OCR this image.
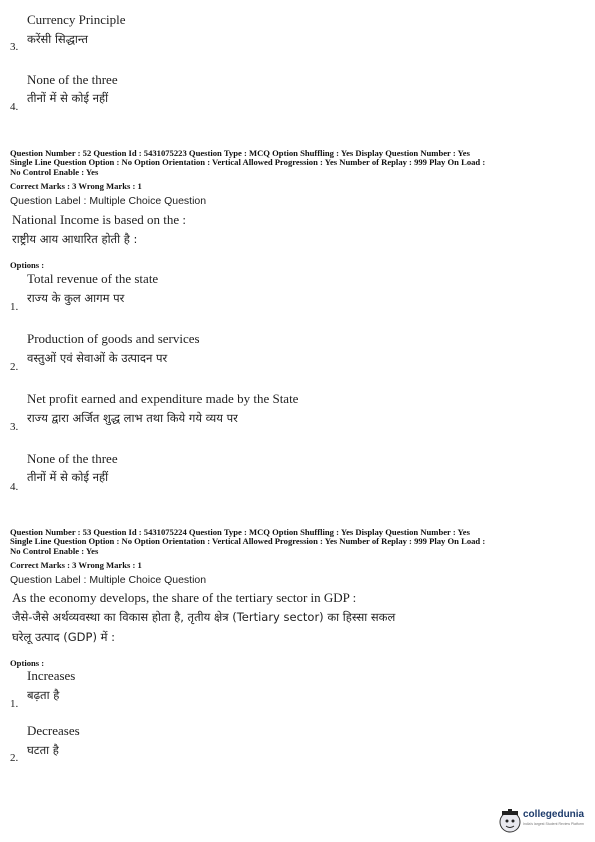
Currency Principle
3.
करेंसी सिद्धान्त
None of the three
4.
तीनों में से कोई नहीं
Question Number : 52 Question Id : 5431075223 Question Type : MCQ Option Shuffling : Yes Display Question Number : Yes
Single Line Question Option : No Option Orientation : Vertical Allowed Progression : Yes Number of Replay : 999 Play On Load :
No Control Enable : Yes
Correct Marks : 3 Wrong Marks : 1
Question Label : Multiple Choice Question
National Income is based on the :
राष्ट्रीय आय आधारित होती है :
Options :
Total revenue of the state
1.
राज्य के कुल आगम पर
Production of goods and services
2.
वस्तुओं एवं सेवाओं के उत्पादन पर
Net profit earned and expenditure made by the State
3.
राज्य द्वारा अर्जित शुद्ध लाभ तथा किये गये व्यय पर
None of the three
4.
तीनों में से कोई नहीं
Question Number : 53 Question Id : 5431075224 Question Type : MCQ Option Shuffling : Yes Display Question Number : Yes
Single Line Question Option : No Option Orientation : Vertical Allowed Progression : Yes Number of Replay : 999 Play On Load :
No Control Enable : Yes
Correct Marks : 3 Wrong Marks : 1
Question Label : Multiple Choice Question
As the economy develops, the share of the tertiary sector in GDP :
जैसे-जैसे अर्थव्यवस्था का विकास होता है, तृतीय क्षेत्र (Tertiary sector) का हिस्सा सकल
घरेलू उत्पाद (GDP) में :
Options :
Increases
1.
बढ़ता है
Decreases
2.
घटता है
collegedunia
India's largest Student Review Platform
